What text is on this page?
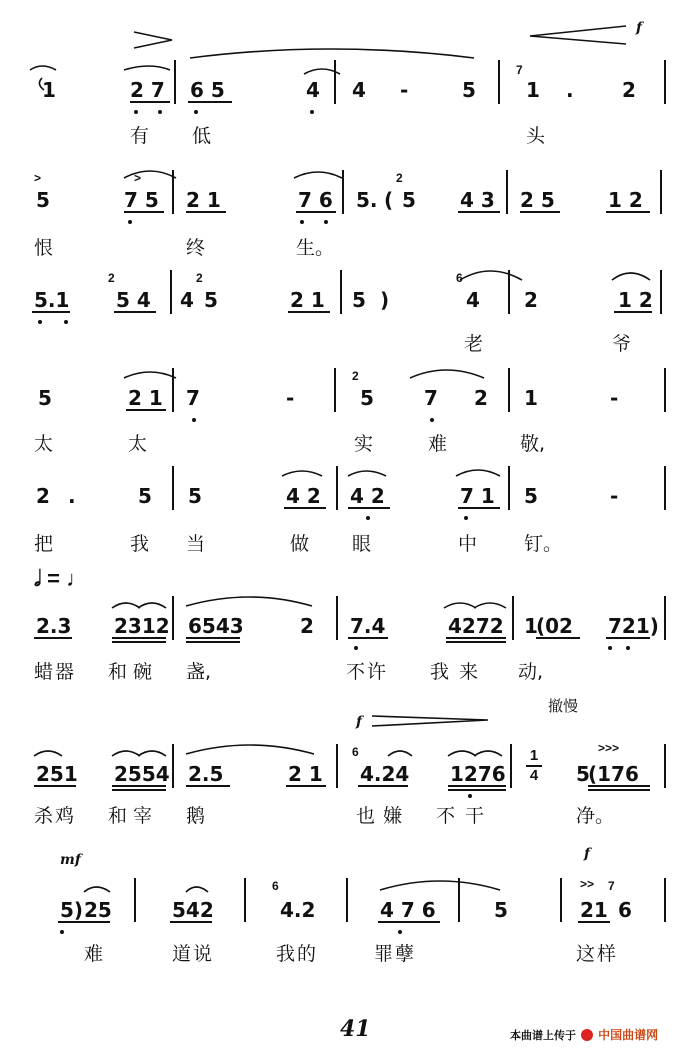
f
1	2 7 6 5	4 4 -	5
7
1 . 2
有 低	头
>	>
5	7 5 2 1	7 6 5. (
2
5 4 3 2 5	1 2
恨	终	生。
5.1
2
5 4 4
2
5	2 1 5 )
6
4 2	1 2
老	爷
5	2 1 7	-
2
5	7 2 1	-
太	太	实	难	敬,
2 .	5 5	4 2 4 2	7 1 5	-
把	我 当	做 眼	中 钉。
𝅗𝅥 = ♩
2.3 2312 6543	2 7.4	4272 1
(02 721)
蜡器 和碗 盏,	不许 我来 动,
撤慢
f
>>>
251 2554 2.5	2 1
6
4.24 1276
1
4 5
(176
杀鸡 和宰 鹅	也嫌 不干	净。
mf	f
>>
5) 25	542
6
4.2	4 7 6	5	21
7
6
难	道说	我的	罪孽	这样
41	本曲谱上传于 中国曲谱网
